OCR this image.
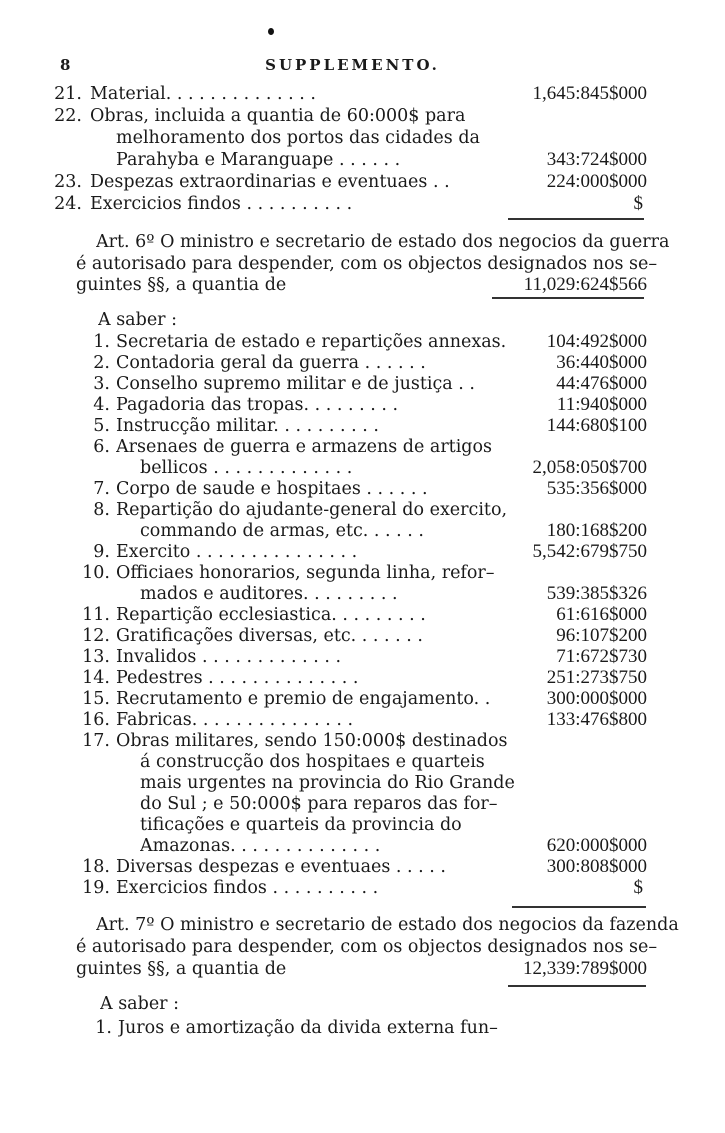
8	SUPPLEMENTO.
21. Material. . . . . . . . . . . . . .	1,645:845$000
22. Obras, incluida a quantia de 60:000$ para
melhoramento dos portos das cidades da
Parahyba e Maranguape . . . . . .	343:724$000
23. Despezas extraordinarias e eventuaes . .	224:000$000
24. Exercicios findos . . . . . . . . . .	$
Art. 6º O ministro e secretario de estado dos negocios da guerra
é autorisado para despender, com os objectos designados nos se–
guintes §§, a quantia de	11,029:624$566
A saber :
1. Secretaria de estado e repartições annexas. 104:492$000
2. Contadoria geral da guerra . . . . . .	36:440$000
3. Conselho supremo militar e de justiça . .	44:476$000
4. Pagadoria das tropas. . . . . . . . .	11:940$000
5. Instrucção militar. . . . . . . . . .	144:680$100
6. Arsenaes de guerra e armazens de artigos
bellicos . . . . . . . . . . . . .	2,058:050$700
7. Corpo de saude e hospitaes . . . . . .	535:356$000
8. Repartição do ajudante-general do exercito,
commando de armas, etc. . . . . .	180:168$200
9. Exercito . . . . . . . . . . . . . . .	5,542:679$750
10. Officiaes honorarios, segunda linha, refor–
mados e auditores. . . . . . . . .	539:385$326
11. Repartição ecclesiastica. . . . . . . . .	61:616$000
12. Gratificações diversas, etc. . . . . . .	96:107$200
13. Invalidos . . . . . . . . . . . . .	71:672$730
14. Pedestres . . . . . . . . . . . . . .	251:273$750
15. Recrutamento e premio de engajamento. .	300:000$000
16. Fabricas. . . . . . . . . . . . . . .	133:476$800
17. Obras militares, sendo 150:000$ destinados
á construcção dos hospitaes e quarteis
mais urgentes na provincia do Rio Grande
do Sul ; e 50:000$ para reparos das for–
tificações e quarteis da provincia do
Amazonas. . . . . . . . . . . . . .	620:000$000
18. Diversas despezas e eventuaes . . . . .	300:808$000
19. Exercicios findos . . . . . . . . . .	$
Art. 7º O ministro e secretario de estado dos negocios da fazenda
é autorisado para despender, com os objectos designados nos se–
guintes §§, a quantia de	12,339:789$000
A saber :
1. Juros e amortização da divida externa fun–
